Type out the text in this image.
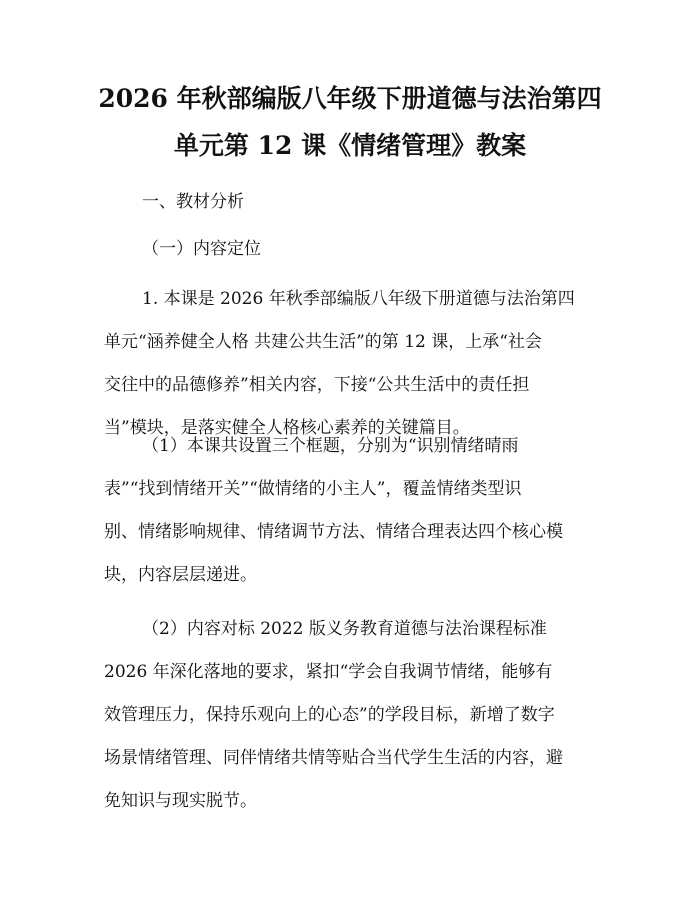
2026 年秋部编版八年级下册道德与法治第四
单元第 12 课《情绪管理》教案
一、教材分析
（一）内容定位
1. 本课是 2026 年秋季部编版八年级下册道德与法治第四
单元“涵养健全人格 共建公共生活”的第 12 课，上承“社会
交往中的品德修养”相关内容，下接“公共生活中的责任担
当”模块，是落实健全人格核心素养的关键篇目。
（1）本课共设置三个框题，分别为“识别情绪晴雨
表”“找到情绪开关”“做情绪的小主人”，覆盖情绪类型识
别、情绪影响规律、情绪调节方法、情绪合理表达四个核心模
块，内容层层递进。
（2）内容对标 2022 版义务教育道德与法治课程标准
2026 年深化落地的要求，紧扣“学会自我调节情绪，能够有
效管理压力，保持乐观向上的心态”的学段目标，新增了数字
场景情绪管理、同伴情绪共情等贴合当代学生生活的内容，避
免知识与现实脱节。
